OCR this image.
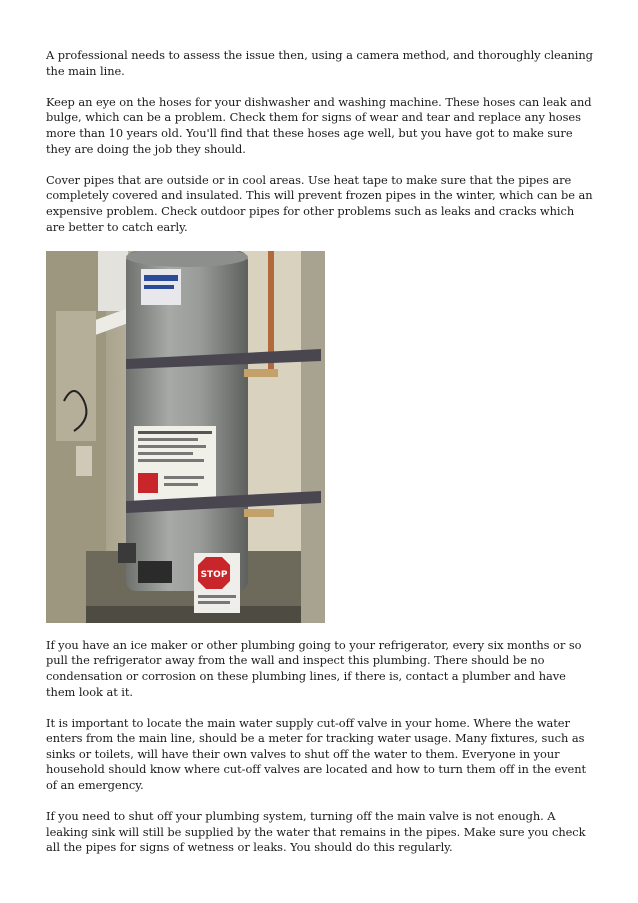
A professional needs to assess the issue then, using a camera method, and thoroughly cleaning the main line.

Keep an eye on the hoses for your dishwasher and washing machine. These hoses can leak and bulge, which can be a problem. Check them for signs of wear and tear and replace any hoses more than 10 years old. You'll find that these hoses age well, but you have got to make sure they are doing the job they should.

Cover pipes that are outside or in cool areas. Use heat tape to make sure that the pipes are completely covered and insulated. This will prevent frozen pipes in the winter, which can be an expensive problem. Check outdoor pipes for other problems such as leaks and cracks which are better to catch early.

STOP

If you have an ice maker or other plumbing going to your refrigerator, every six months or so pull the refrigerator away from the wall and inspect this plumbing. There should be no condensation or corrosion on these plumbing lines, if there is, contact a plumber and have them look at it.

It is important to locate the main water supply cut-off valve in your home. Where the water enters from the main line, should be a meter for tracking water usage. Many fixtures, such as sinks or toilets, will have their own valves to shut off the water to them. Everyone in your household should know where cut-off valves are located and how to turn them off in the event of an emergency.

If you need to shut off your plumbing system, turning off the main valve is not enough. A leaking sink will still be supplied by the water that remains in the pipes. Make sure you check all the pipes for signs of wetness or leaks. You should do this regularly.
